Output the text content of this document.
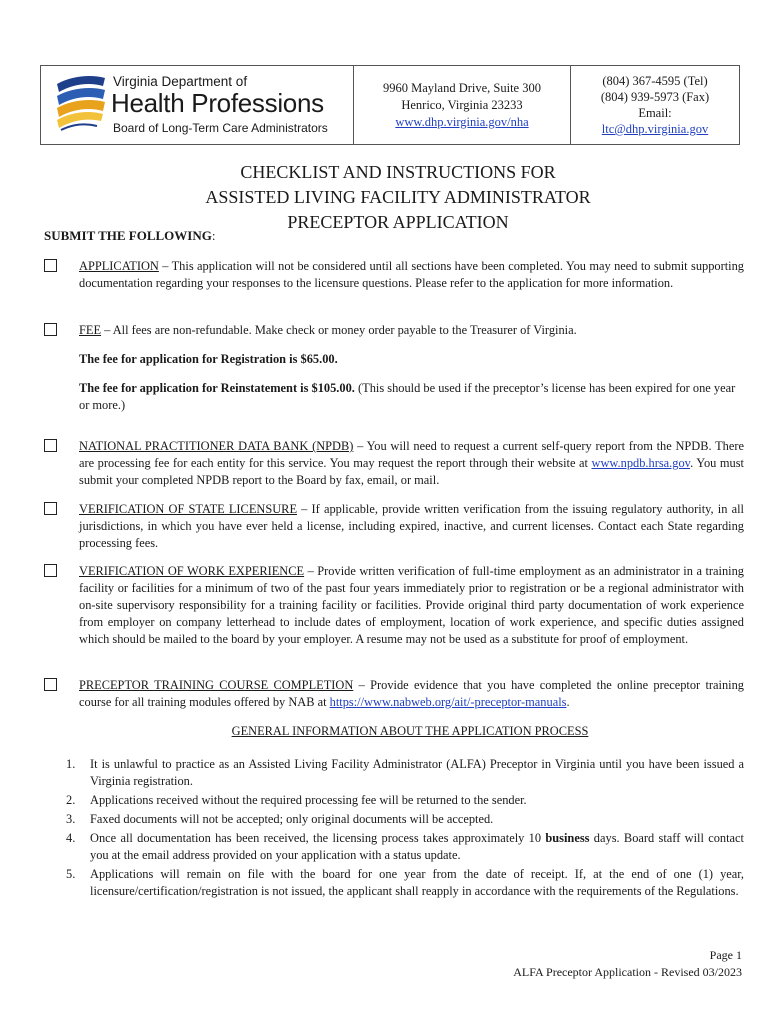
Virginia Department of
Health Professions
Board of Long-Term Care Administrators
9960 Mayland Drive, Suite 300
Henrico, Virginia 23233
www.dhp.virginia.gov/nha
(804) 367-4595 (Tel)
(804) 939-5973 (Fax)
Email:
ltc@dhp.virginia.gov
CHECKLIST AND INSTRUCTIONS FOR
ASSISTED LIVING FACILITY ADMINISTRATOR
PRECEPTOR APPLICATION
SUBMIT THE FOLLOWING:
APPLICATION – This application will not be considered until all sections have been completed. You may need to submit supporting documentation regarding your responses to the licensure questions. Please refer to the application for more information.
FEE – All fees are non-refundable. Make check or money order payable to the Treasurer of Virginia.
The fee for application for Registration is $65.00.
The fee for application for Reinstatement is $105.00. (This should be used if the preceptor’s license has been expired for one year or more.)
NATIONAL PRACTITIONER DATA BANK (NPDB) – You will need to request a current self-query report from the NPDB. There are processing fee for each entity for this service. You may request the report through their website at www.npdb.hrsa.gov. You must submit your completed NPDB report to the Board by fax, email, or mail.
VERIFICATION OF STATE LICENSURE – If applicable, provide written verification from the issuing regulatory authority, in all jurisdictions, in which you have ever held a license, including expired, inactive, and current licenses. Contact each State regarding processing fees.
VERIFICATION OF WORK EXPERIENCE – Provide written verification of full-time employment as an administrator in a training facility or facilities for a minimum of two of the past four years immediately prior to registration or be a regional administrator with on-site supervisory responsibility for a training facility or facilities. Provide original third party documentation of work experience from employer on company letterhead to include dates of employment, location of work experience, and specific duties assigned which should be mailed to the board by your employer. A resume may not be used as a substitute for proof of employment.
PRECEPTOR TRAINING COURSE COMPLETION – Provide evidence that you have completed the online preceptor training course for all training modules offered by NAB at https://www.nabweb.org/ait/-preceptor-manuals.
GENERAL INFORMATION ABOUT THE APPLICATION PROCESS
1.	It is unlawful to practice as an Assisted Living Facility Administrator (ALFA) Preceptor in Virginia until you have been issued a Virginia registration.
2.	Applications received without the required processing fee will be returned to the sender.
3.	Faxed documents will not be accepted; only original documents will be accepted.
4.	Once all documentation has been received, the licensing process takes approximately 10 business days. Board staff will contact you at the email address provided on your application with a status update.
5.	Applications will remain on file with the board for one year from the date of receipt. If, at the end of one (1) year, licensure/certification/registration is not issued, the applicant shall reapply in accordance with the requirements of the Regulations.
Page 1
ALFA Preceptor Application - Revised 03/2023
